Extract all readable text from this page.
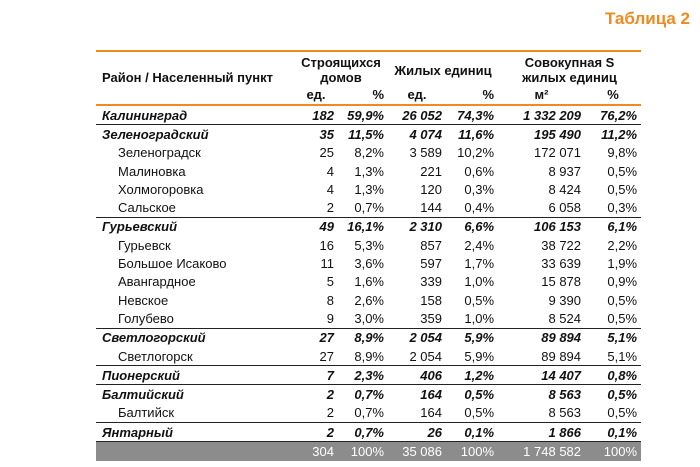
Таблица 2
Район / Населенный пункт	Строящихся домов		Жилых единиц		Совокупная S жилых единиц	
	ед.	%	ед.	%	м²	%
Калининград	182	59,9%	26 052	74,3%	1 332 209	76,2%
Зеленоградский	35	11,5%	4 074	11,6%	195 490	11,2%
Зеленоградск	25	8,2%	3 589	10,2%	172 071	9,8%
Малиновка	4	1,3%	221	0,6%	8 937	0,5%
Холмогоровка	4	1,3%	120	0,3%	8 424	0,5%
Сальское	2	0,7%	144	0,4%	6 058	0,3%
Гурьевский	49	16,1%	2 310	6,6%	106 153	6,1%
Гурьевск	16	5,3%	857	2,4%	38 722	2,2%
Большое Исаково	11	3,6%	597	1,7%	33 639	1,9%
Авангардное	5	1,6%	339	1,0%	15 878	0,9%
Невское	8	2,6%	158	0,5%	9 390	0,5%
Голубево	9	3,0%	359	1,0%	8 524	0,5%
Светлогорский	27	8,9%	2 054	5,9%	89 894	5,1%
Светлогорск	27	8,9%	2 054	5,9%	89 894	5,1%
Пионерский	7	2,3%	406	1,2%	14 407	0,8%
Балтийский	2	0,7%	164	0,5%	8 563	0,5%
Балтийск	2	0,7%	164	0,5%	8 563	0,5%
Янтарный	2	0,7%	26	0,1%	1 866	0,1%
	304	100%	35 086	100%	1 748 582	100%
